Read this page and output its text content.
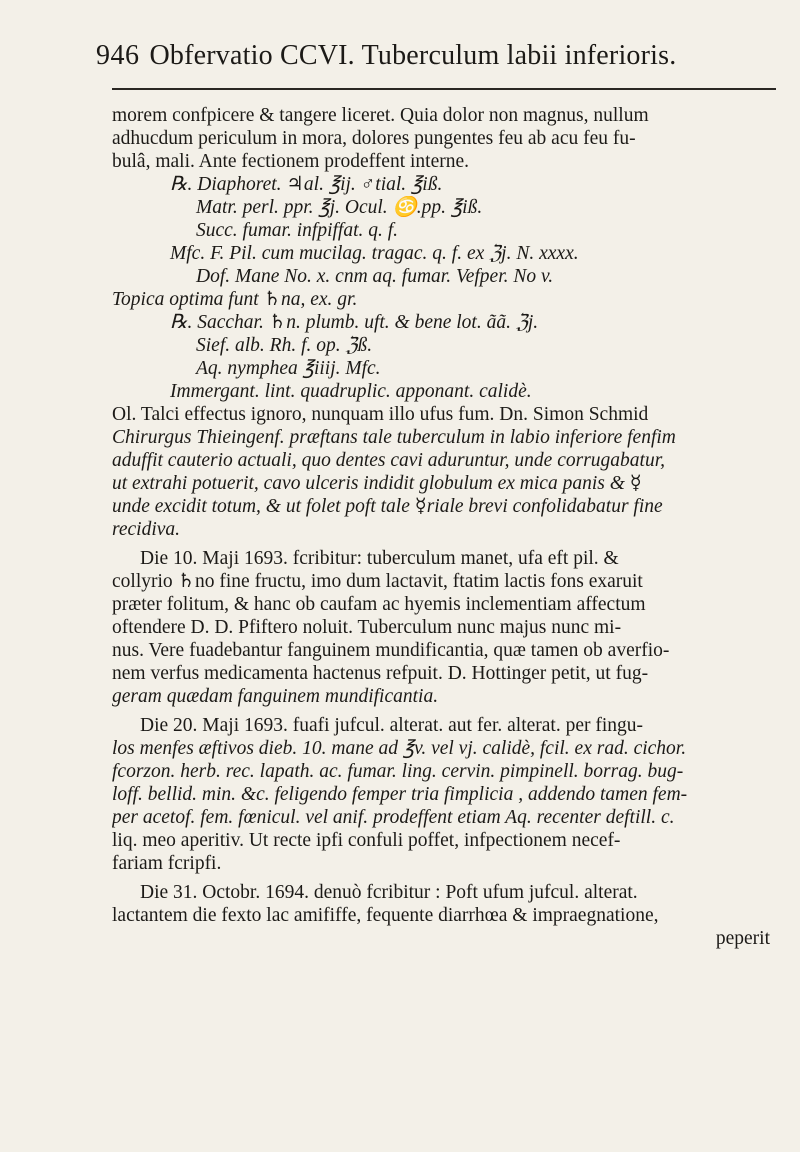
946 Obfervatio CCVI. Tuberculum labii inferioris.
morem confpicere & tangere liceret. Quia dolor non magnus, nullum
adhucdum periculum in mora, dolores pungentes feu ab acu feu fu-
bulâ, mali. Ante fectionem prodeffent interne.
℞. Diaphoret. ♃al. ℥ij. ♂tial. ℥iß.
Matr. perl. ppr. ℥j. Ocul. ♋.pp. ℥iß.
Succ. fumar. infpiffat. q. f.
Mfc. F. Pil. cum mucilag. tragac. q. f. ex ℨj. N. xxxx.
Dof. Mane No. x. cnm aq. fumar. Vefper. No v.
Topica optima funt ♄na, ex. gr.
℞. Sacchar. ♄n. plumb. uft. & bene lot. ãã. ℨj.
Sief. alb. Rh. f. op. ℨß.
Aq. nymphea ℥iiij. Mfc.
Immergant. lint. quadruplic. apponant. calidè.
Ol. Talci effectus ignoro, nunquam illo ufus fum. Dn. Simon Schmid
Chirurgus Thieingenf. præftans tale tuberculum in labio inferiore fenfim
aduffit cauterio actuali, quo dentes cavi aduruntur, unde corrugabatur,
ut extrahi potuerit, cavo ulceris indidit globulum ex mica panis & ☿
unde excidit totum, & ut folet poft tale ☿riale brevi confolidabatur fine
recidiva.
Die 10. Maji 1693. fcribitur: tuberculum manet, ufa eft pil. &
collyrio ♄no fine fructu, imo dum lactavit, ftatim lactis fons exaruit
præter folitum, & hanc ob caufam ac hyemis inclementiam affectum
oftendere D. D. Pfiftero noluit. Tuberculum nunc majus nunc mi-
nus. Vere fuadebantur fanguinem mundificantia, quæ tamen ob averfio-
nem verfus medicamenta hactenus refpuit. D. Hottinger petit, ut fug-
geram quædam fanguinem mundificantia.
Die 20. Maji 1693. fuafi jufcul. alterat. aut fer. alterat. per fingu-
los menfes æftivos dieb. 10. mane ad ℥v. vel vj. calidè, fcil. ex rad. cichor.
fcorzon. herb. rec. lapath. ac. fumar. ling. cervin. pimpinell. borrag. bug-
loff. bellid. min. &c. feligendo femper tria fimplicia , addendo tamen fem-
per acetof. fem. fœnicul. vel anif. prodeffent etiam Aq. recenter deftill. c.
liq. meo aperitiv. Ut recte ipfi confuli poffet, infpectionem necef-
fariam fcripfi.
Die 31. Octobr. 1694. denuò fcribitur : Poft ufum jufcul. alterat.
lactantem die fexto lac amififfe, fequente diarrhœa & impraegnatione,
peperit
